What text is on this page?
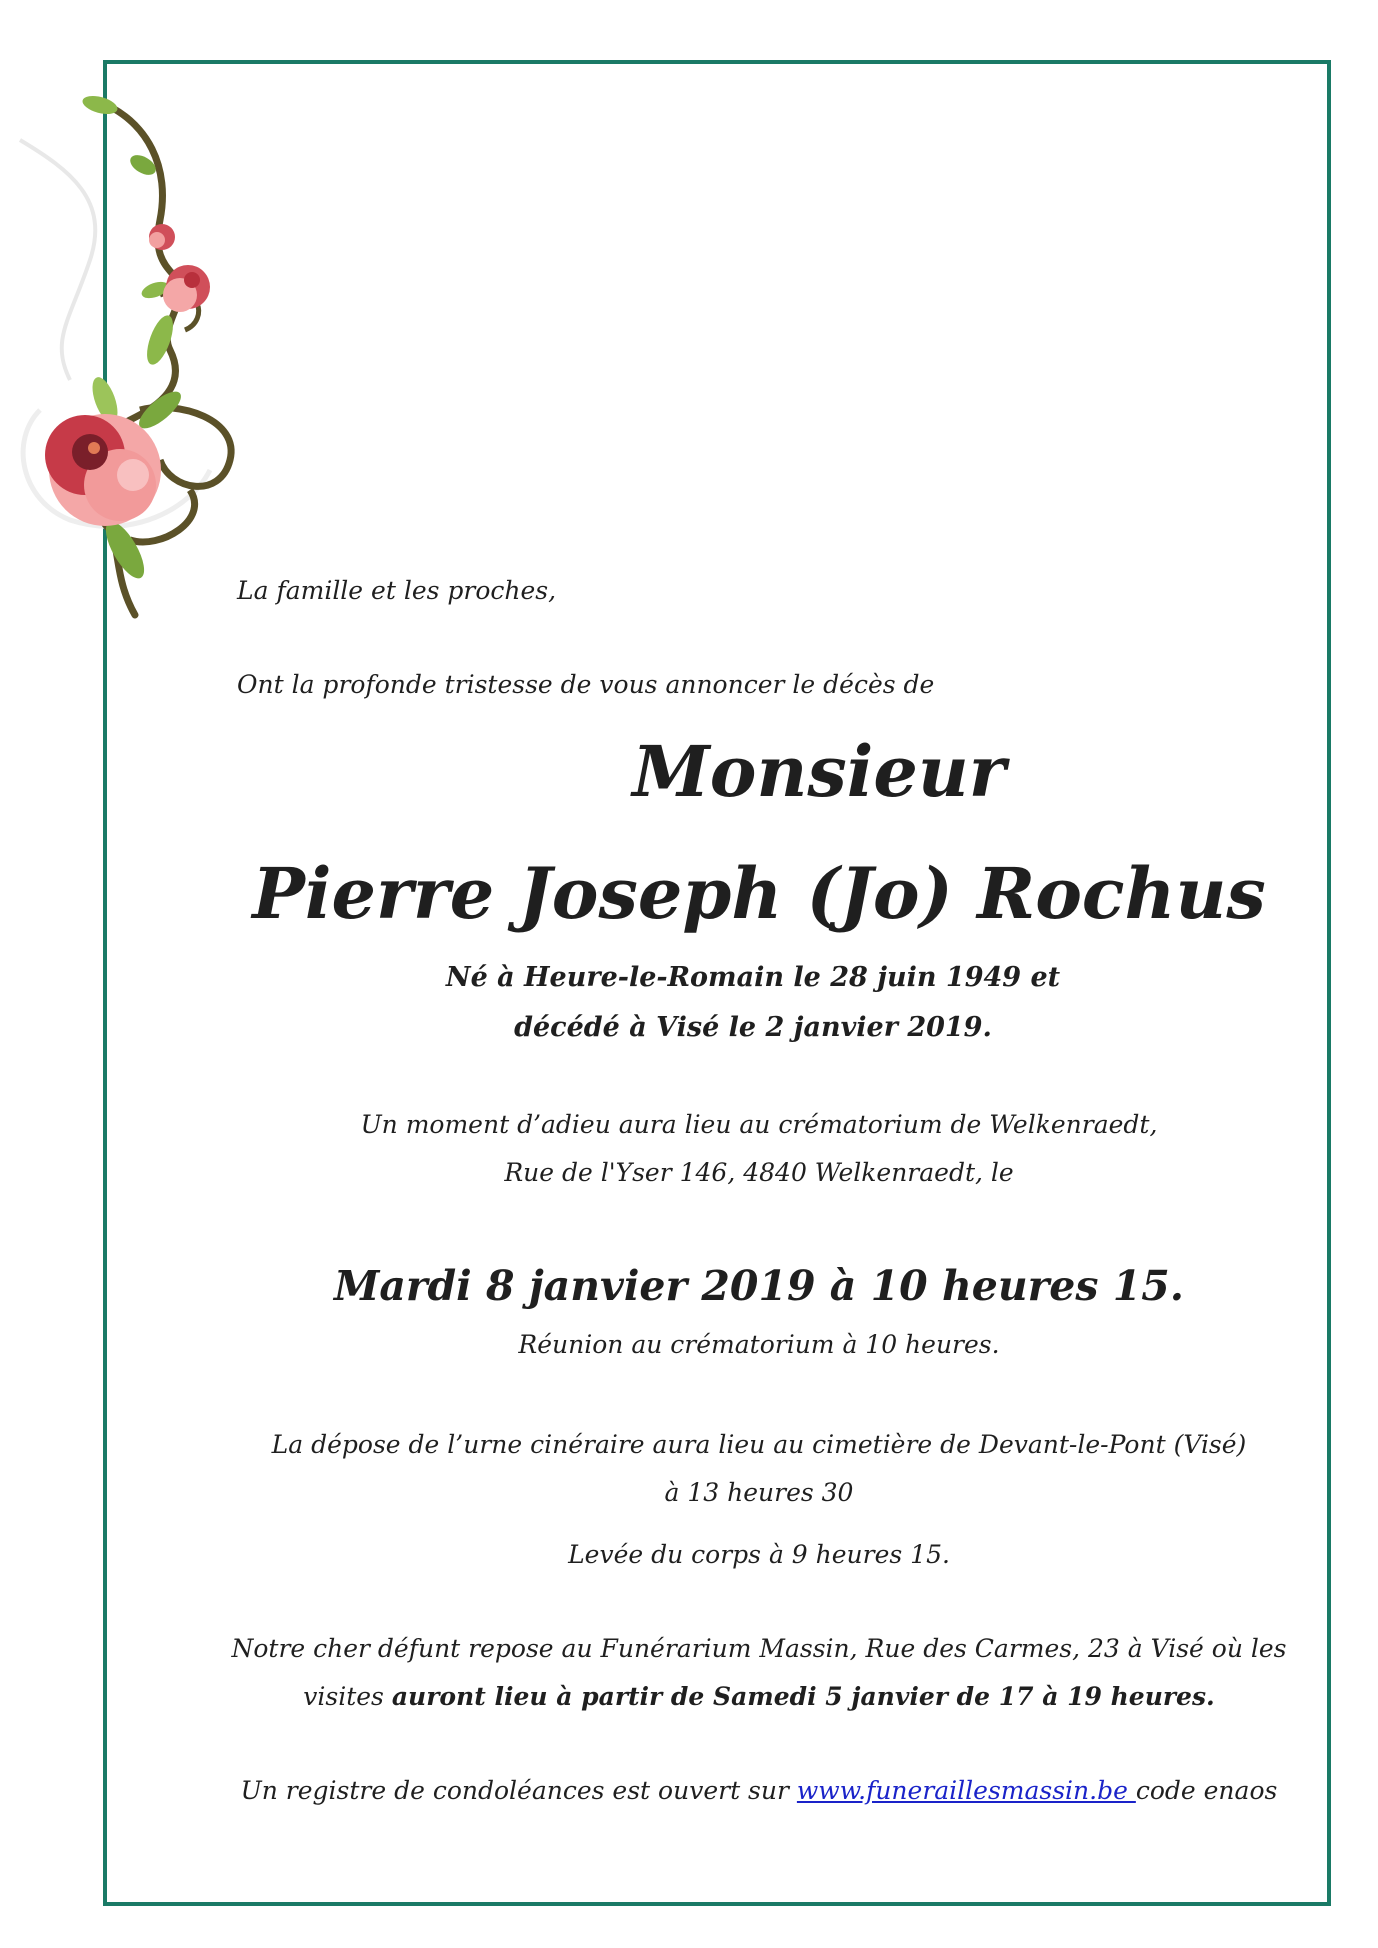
La famille et les proches,
Ont la profonde tristesse de vous annoncer le décès de
Monsieur
Pierre Joseph (Jo) Rochus
Né à Heure-le-Romain le 28 juin 1949 et
décédé à Visé le 2 janvier 2019.
Un moment d’adieu aura lieu au crématorium de Welkenraedt,
Rue de l'Yser 146, 4840 Welkenraedt, le
Mardi 8 janvier 2019 à 10 heures 15.
Réunion au crématorium à 10 heures.
La dépose de l’urne cinéraire aura lieu au cimetière de Devant-le-Pont (Visé)
à 13 heures 30
Levée du corps à 9 heures 15.
Notre cher défunt repose au Funérarium Massin, Rue des Carmes, 23 à Visé où les
visites auront lieu à partir de Samedi 5 janvier de 17 à 19 heures.
Un registre de condoléances est ouvert sur www.funeraillesmassin.be code enaos
